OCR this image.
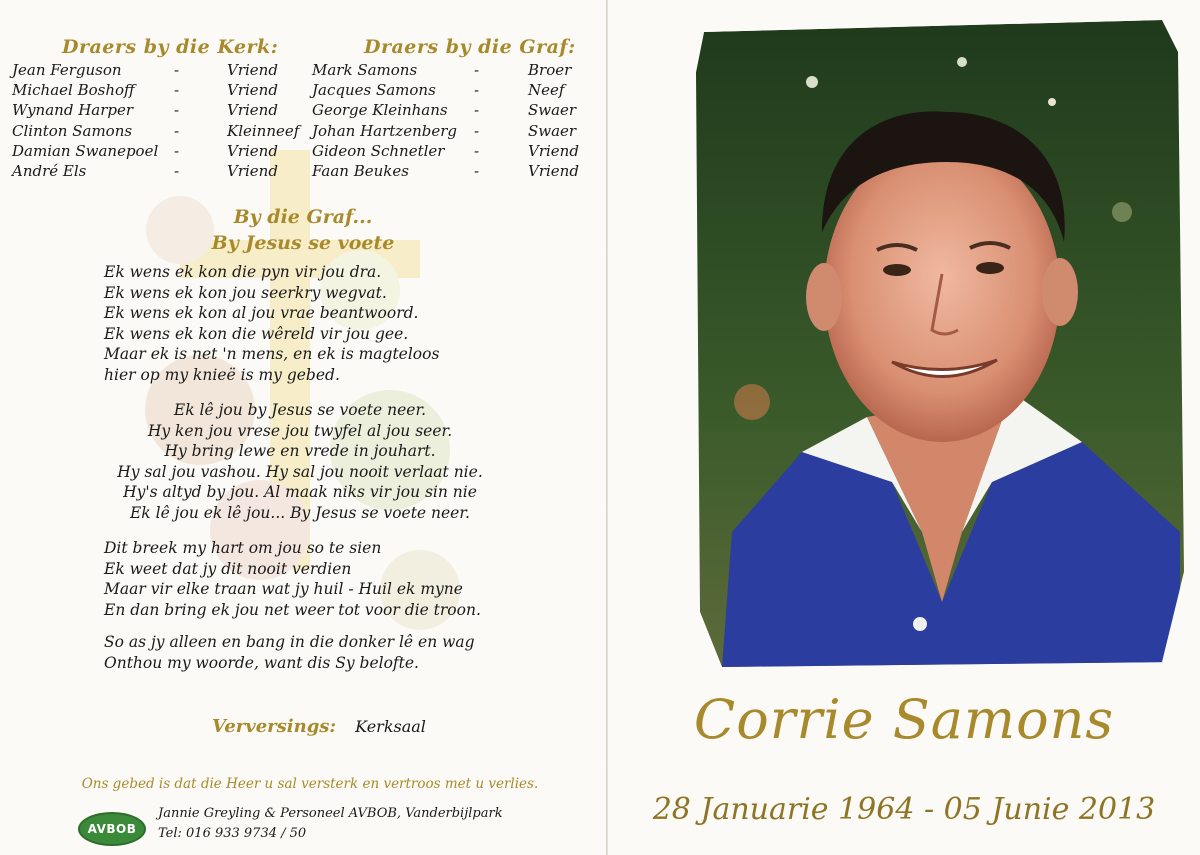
Draers by die Kerk:
Jean Ferguson	-	Vriend
Michael Boshoff	-	Vriend
Wynand Harper	-	Vriend
Clinton Samons	-	Kleinneef
Damian Swanepoel -	Vriend
André Els	-	Vriend
Draers by die Graf:
Mark Samons	-	Broer
Jacques Samons	-	Neef
George Kleinhans -	Swaer
Johan Hartzenberg -	Swaer
Gideon Schnetler -	Vriend
Faan Beukes	-	Vriend
By die Graf...
By Jesus se voete
Ek wens ek kon die pyn vir jou dra.
Ek wens ek kon jou seerkry wegvat.
Ek wens ek kon al jou vrae beantwoord.
Ek wens ek kon die wêreld vir jou gee.
Maar ek is net 'n mens, en ek is magteloos
hier op my knieë is my gebed.
Ek lê jou by Jesus se voete neer.
Hy ken jou vrese jou twyfel al jou seer.
Hy bring lewe en vrede in jouhart.
Hy sal jou vashou. Hy sal jou nooit verlaat nie.
Hy's altyd by jou. Al maak niks vir jou sin nie
Ek lê jou ek lê jou... By Jesus se voete neer.
Dit breek my hart om jou so te sien
Ek weet dat jy dit nooit verdien
Maar vir elke traan wat jy huil - Huil ek myne
En dan bring ek jou net weer tot voor die troon.
So as jy alleen en bang in die donker lê en wag
Onthou my woorde, want dis Sy belofte.
Verversings: Kerksaal
Ons gebed is dat die Heer u sal versterk en vertroos met u verlies.
AVBOB
Jannie Greyling & Personeel AVBOB, Vanderbijlpark
Tel: 016 933 9734 / 50
Corrie Samons
28 Januarie 1964 - 05 Junie 2013
